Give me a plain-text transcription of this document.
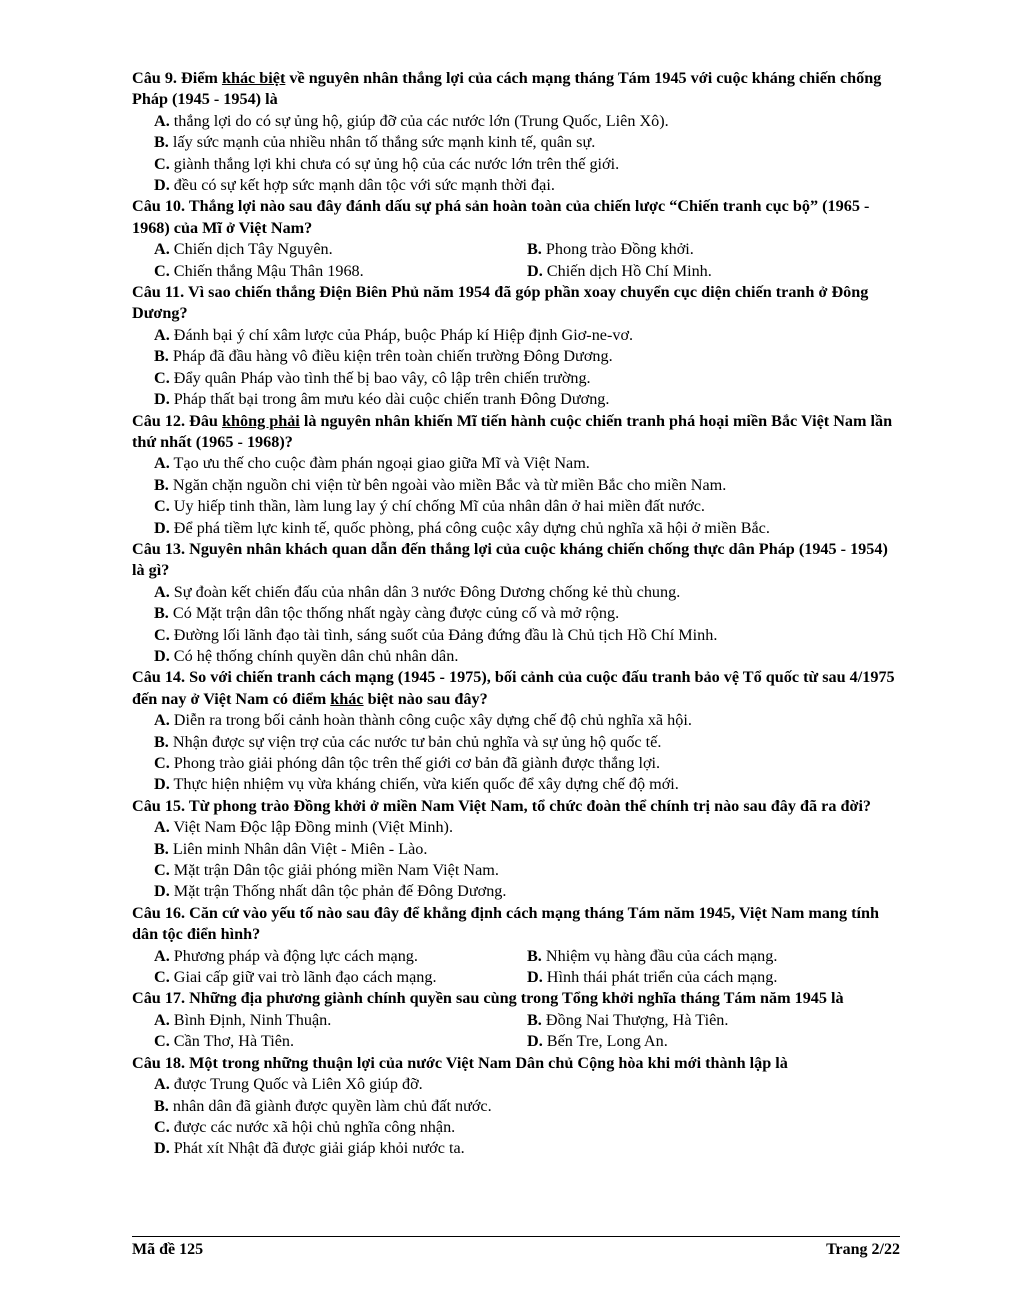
Câu 9. Điểm khác biệt về nguyên nhân thắng lợi của cách mạng tháng Tám 1945 với cuộc kháng chiến chống Pháp (1945 - 1954) là
A. thắng lợi do có sự ủng hộ, giúp đỡ của các nước lớn (Trung Quốc, Liên Xô).
B. lấy sức mạnh của nhiều nhân tố thắng sức mạnh kinh tế, quân sự.
C. giành thắng lợi khi chưa có sự ủng hộ của các nước lớn trên thế giới.
D. đều có sự kết hợp sức mạnh dân tộc với sức mạnh thời đại.
Câu 10. Thắng lợi nào sau đây đánh dấu sự phá sản hoàn toàn của chiến lược “Chiến tranh cục bộ” (1965 - 1968) của Mĩ ở Việt Nam?
A. Chiến dịch Tây Nguyên.	B. Phong trào Đồng khởi.
C. Chiến thắng Mậu Thân 1968.	D. Chiến dịch Hồ Chí Minh.
Câu 11. Vì sao chiến thắng Điện Biên Phủ năm 1954 đã góp phần xoay chuyển cục diện chiến tranh ở Đông Dương?
A. Đánh bại ý chí xâm lược của Pháp, buộc Pháp kí Hiệp định Giơ-ne-vơ.
B. Pháp đã đầu hàng vô điều kiện trên toàn chiến trường Đông Dương.
C. Đẩy quân Pháp vào tình thế bị bao vây, cô lập trên chiến trường.
D. Pháp thất bại trong âm mưu kéo dài cuộc chiến tranh Đông Dương.
Câu 12. Đâu không phải là nguyên nhân khiến Mĩ tiến hành cuộc chiến tranh phá hoại miền Bắc Việt Nam lần thứ nhất (1965 - 1968)?
A. Tạo ưu thế cho cuộc đàm phán ngoại giao giữa Mĩ và Việt Nam.
B. Ngăn chặn nguồn chi viện từ bên ngoài vào miền Bắc và từ miền Bắc cho miền Nam.
C. Uy hiếp tinh thần, làm lung lay ý chí chống Mĩ của nhân dân ở hai miền đất nước.
D. Để phá tiềm lực kinh tế, quốc phòng, phá công cuộc xây dựng chủ nghĩa xã hội ở miền Bắc.
Câu 13. Nguyên nhân khách quan dẫn đến thắng lợi của cuộc kháng chiến chống thực dân Pháp (1945 - 1954) là gì?
A. Sự đoàn kết chiến đấu của nhân dân 3 nước Đông Dương chống kẻ thù chung.
B. Có Mặt trận dân tộc thống nhất ngày càng được củng cố và mở rộng.
C. Đường lối lãnh đạo tài tình, sáng suốt của Đảng đứng đầu là Chủ tịch Hồ Chí Minh.
D. Có hệ thống chính quyền dân chủ nhân dân.
Câu 14. So với chiến tranh cách mạng (1945 - 1975), bối cảnh của cuộc đấu tranh bảo vệ Tổ quốc từ sau 4/1975 đến nay ở Việt Nam có điểm khác biệt nào sau đây?
A. Diễn ra trong bối cảnh hoàn thành công cuộc xây dựng chế độ chủ nghĩa xã hội.
B. Nhận được sự viện trợ của các nước tư bản chủ nghĩa và sự ủng hộ quốc tế.
C. Phong trào giải phóng dân tộc trên thế giới cơ bản đã giành được thắng lợi.
D. Thực hiện nhiệm vụ vừa kháng chiến, vừa kiến quốc để xây dựng chế độ mới.
Câu 15. Từ phong trào Đồng khởi ở miền Nam Việt Nam, tổ chức đoàn thể chính trị nào sau đây đã ra đời?
A. Việt Nam Độc lập Đồng minh (Việt Minh).
B. Liên minh Nhân dân Việt - Miên - Lào.
C. Mặt trận Dân tộc giải phóng miền Nam Việt Nam.
D. Mặt trận Thống nhất dân tộc phản đế Đông Dương.
Câu 16. Căn cứ vào yếu tố nào sau đây để khẳng định cách mạng tháng Tám năm 1945, Việt Nam mang tính dân tộc điển hình?
A. Phương pháp và động lực cách mạng.	B. Nhiệm vụ hàng đầu của cách mạng.
C. Giai cấp giữ vai trò lãnh đạo cách mạng.	D. Hình thái phát triển của cách mạng.
Câu 17. Những địa phương giành chính quyền sau cùng trong Tổng khởi nghĩa tháng Tám năm 1945 là
A. Bình Định, Ninh Thuận.	B. Đồng Nai Thượng, Hà Tiên.
C. Cần Thơ, Hà Tiên.	D. Bến Tre, Long An.
Câu 18. Một trong những thuận lợi của nước Việt Nam Dân chủ Cộng hòa khi mới thành lập là
A. được Trung Quốc và Liên Xô giúp đỡ.
B. nhân dân đã giành được quyền làm chủ đất nước.
C. được các nước xã hội chủ nghĩa công nhận.
D. Phát xít Nhật đã được giải giáp khỏi nước ta.
Mã đề 125	Trang 2/22
